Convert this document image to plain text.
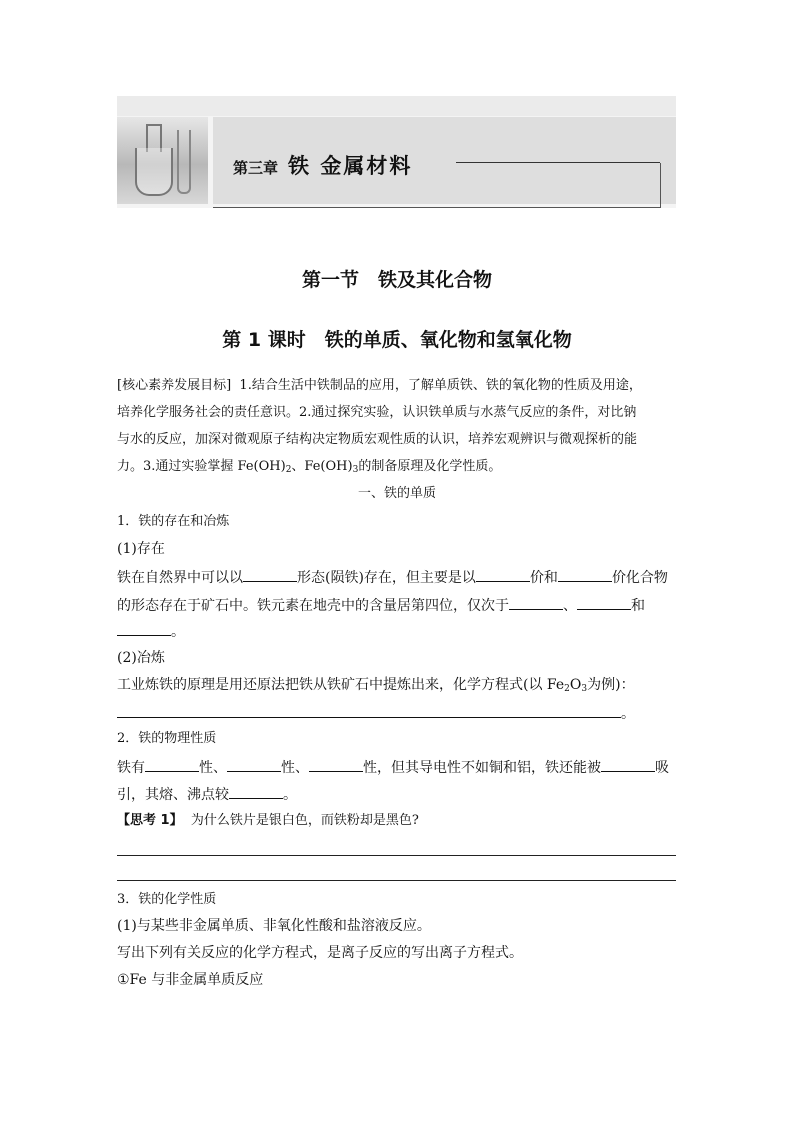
第三章 铁 金属材料
第一节　铁及其化合物
第 1 课时　铁的单质、氧化物和氢氧化物
[核心素养发展目标] 1.结合生活中铁制品的应用，了解单质铁、铁的氧化物的性质及用途，
培养化学服务社会的责任意识。2.通过探究实验，认识铁单质与水蒸气反应的条件，对比钠
与水的反应，加深对微观原子结构决定物质宏观性质的认识，培养宏观辨识与微观探析的能
力。3.通过实验掌握 $Fe(OH)_2$、$Fe(OH)_3$的制备原理及化学性质。
一、铁的单质
1．铁的存在和冶炼
(1)存在
铁在自然界中可以以	形态(陨铁)存在，但主要是以	价和	价化合物
的形态存在于矿石中。铁元素在地壳中的含量居第四位，仅次于	、	和
。
(2)冶炼
工业炼铁的原理是用还原法把铁从铁矿石中提炼出来，化学方程式(以 $Fe_2O_3$为例)：
。
2．铁的物理性质
铁有	性、	性、	性，但其导电性不如铜和铝，铁还能被	吸
引，其熔、沸点较	。
【思考 1】 为什么铁片是银白色，而铁粉却是黑色?
3．铁的化学性质
(1)与某些非金属单质、非氧化性酸和盐溶液反应。
写出下列有关反应的化学方程式，是离子反应的写出离子方程式。
①Fe 与非金属单质反应
